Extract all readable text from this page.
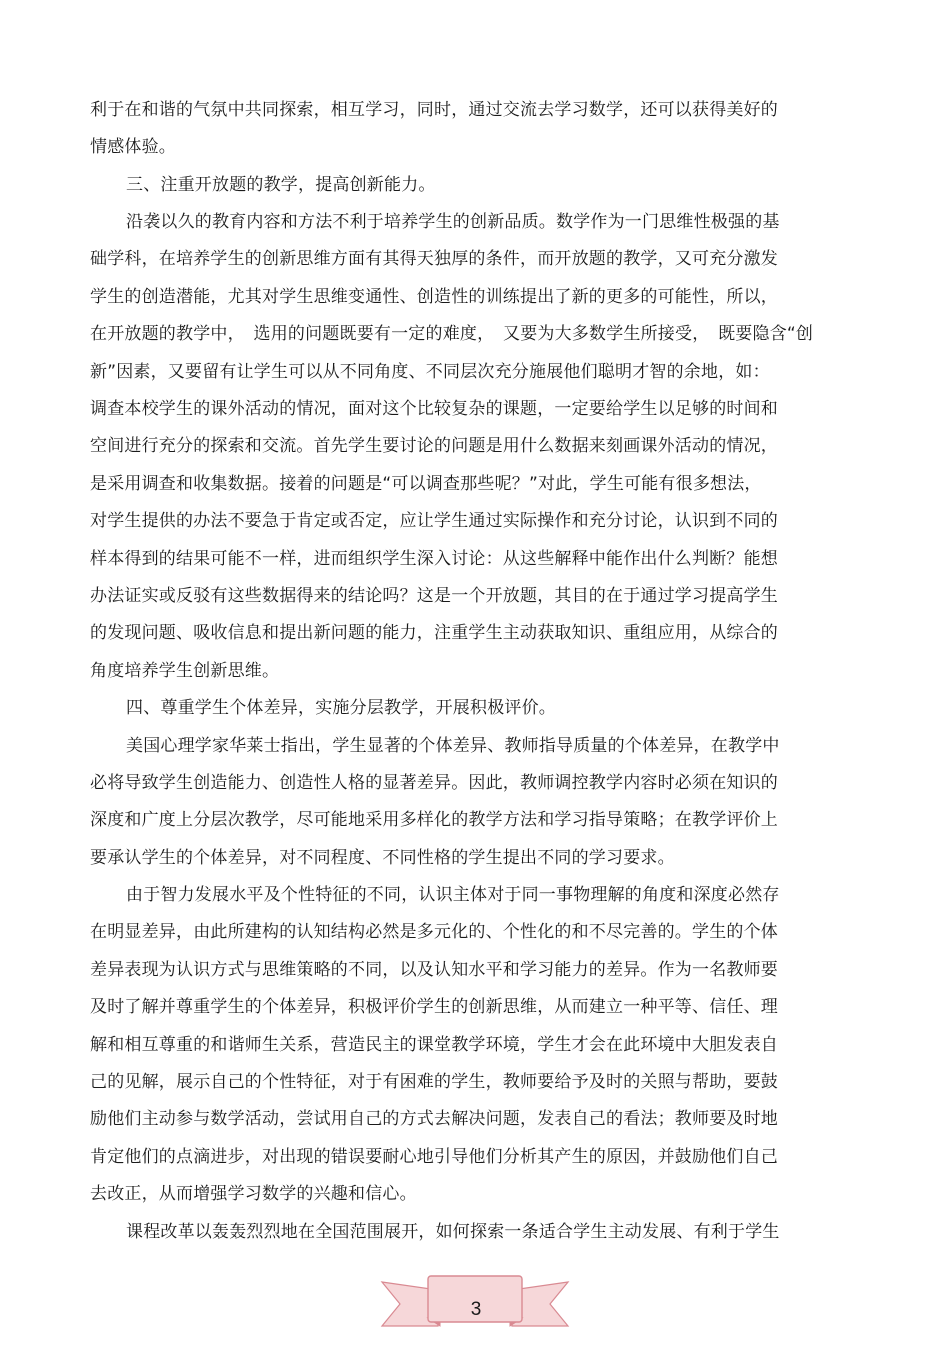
利于在和谐的气氛中共同探索，相互学习，同时，通过交流去学习数学，还可以获得美好的
情感体验。
三、注重开放题的教学，提高创新能力。
沿袭以久的教育内容和方法不利于培养学生的创新品质。数学作为一门思维性极强的基
础学科，在培养学生的创新思维方面有其得天独厚的条件，而开放题的教学，又可充分激发
学生的创造潜能，尤其对学生思维变通性、创造性的训练提出了新的更多的可能性，所以，
在开放题的教学中，　选用的问题既要有一定的难度，　又要为大多数学生所接受，　既要隐含“创
新”因素，又要留有让学生可以从不同角度、不同层次充分施展他们聪明才智的余地，如：
调查本校学生的课外活动的情况，面对这个比较复杂的课题，一定要给学生以足够的时间和
空间进行充分的探索和交流。首先学生要讨论的问题是用什么数据来刻画课外活动的情况，
是采用调查和收集数据。接着的问题是“可以调查那些呢？”对此，学生可能有很多想法，
对学生提供的办法不要急于肯定或否定，应让学生通过实际操作和充分讨论，认识到不同的
样本得到的结果可能不一样，进而组织学生深入讨论：从这些解释中能作出什么判断？能想
办法证实或反驳有这些数据得来的结论吗？这是一个开放题，其目的在于通过学习提高学生
的发现问题、吸收信息和提出新问题的能力，注重学生主动获取知识、重组应用，从综合的
角度培养学生创新思维。
四、尊重学生个体差异，实施分层教学，开展积极评价。
美国心理学家华莱士指出，学生显著的个体差异、教师指导质量的个体差异，在教学中
必将导致学生创造能力、创造性人格的显著差异。因此，教师调控教学内容时必须在知识的
深度和广度上分层次教学，尽可能地采用多样化的教学方法和学习指导策略；在教学评价上
要承认学生的个体差异，对不同程度、不同性格的学生提出不同的学习要求。
由于智力发展水平及个性特征的不同，认识主体对于同一事物理解的角度和深度必然存
在明显差异，由此所建构的认知结构必然是多元化的、个性化的和不尽完善的。学生的个体
差异表现为认识方式与思维策略的不同，以及认知水平和学习能力的差异。作为一名教师要
及时了解并尊重学生的个体差异，积极评价学生的创新思维，从而建立一种平等、信任、理
解和相互尊重的和谐师生关系，营造民主的课堂教学环境，学生才会在此环境中大胆发表自
己的见解，展示自己的个性特征，对于有困难的学生，教师要给予及时的关照与帮助，要鼓
励他们主动参与数学活动，尝试用自己的方式去解决问题，发表自己的看法；教师要及时地
肯定他们的点滴进步，对出现的错误要耐心地引导他们分析其产生的原因，并鼓励他们自己
去改正，从而增强学习数学的兴趣和信心。
课程改革以轰轰烈烈地在全国范围展开，如何探索一条适合学生主动发展、有利于学生
3
